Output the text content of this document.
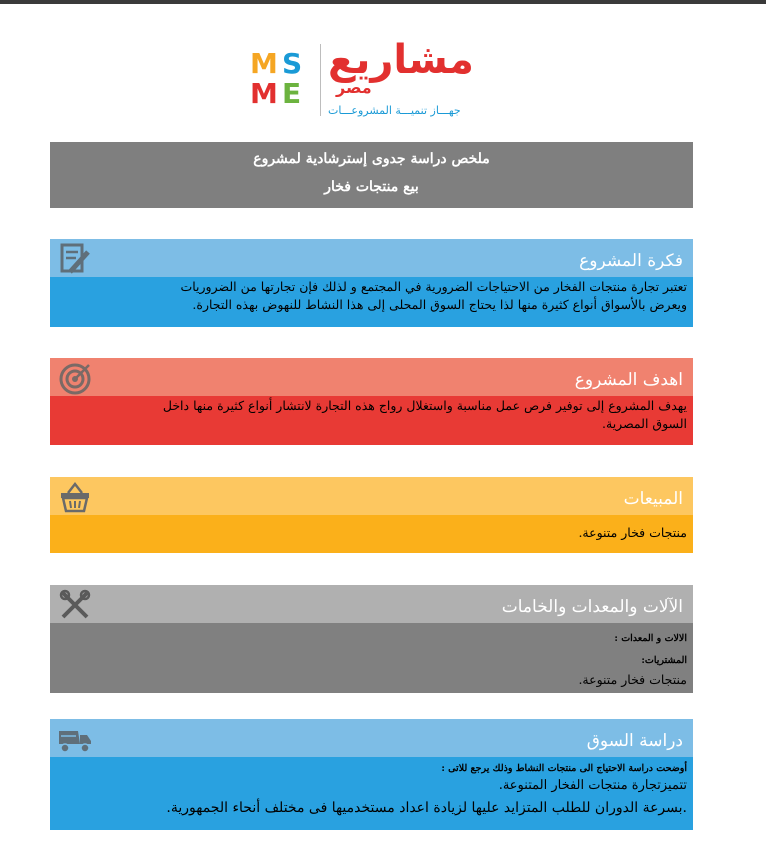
M S
M E
مشاريع
مصر
جهـــاز تنميـــة المشروعـــات
ملخص دراسة جدوى إسترشادية لمشروع
بيع منتجات فخار
فكرة المشروع
تعتبر تجارة منتجات الفخار من الاحتياجات الضرورية في المجتمع و لذلك فإن تجارتها من الضروريات
ويعرض بالأسواق أنواع كثيرة منها لذا يحتاج السوق المحلى إلى هذا النشاط للنهوض بهذه التجارة.
اهدف المشروع
يهدف المشروع إلى توفير فرص عمل مناسبة واستغلال رواج هذه التجارة لانتشار أنواع كثيرة منها داخل
السوق المصرية.
المبيعات
منتجات فخار متنوعة.
الآلات والمعدات والخامات
الالات و المعدات :
المشتريات:
منتجات فخار متنوعة.
دراسة السوق
أوضحت دراسة الاحتياج الى منتجات النشاط وذلك يرجع للاتى :
تتميزتجارة منتجات الفخار المتنوعة.
.بسرعة الدوران للطلب المتزايد عليها لزيادة اعداد مستخدميها فى مختلف أنحاء الجمهورية.
